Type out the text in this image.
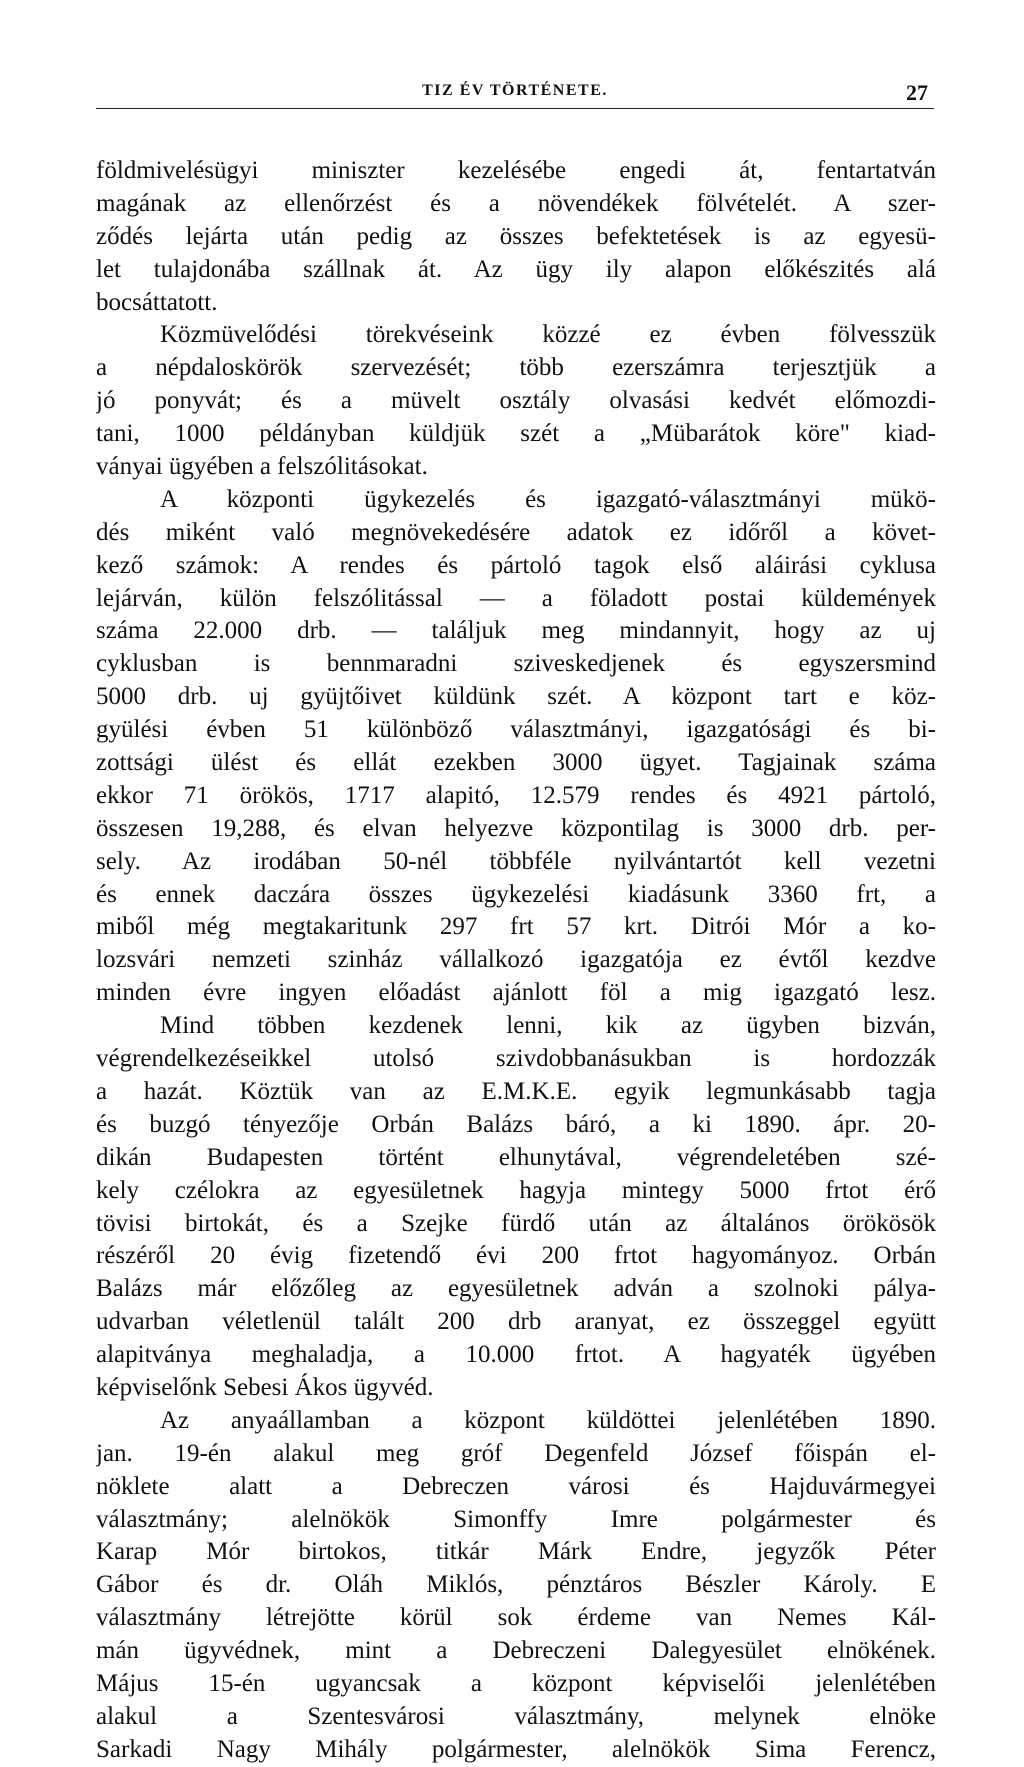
TIZ ÉV TÖRTÉNETE.	27
földmivelésügyi miniszter kezelésébe engedi át, fentartatván
magának az ellenőrzést és a növendékek fölvételét. A szer-
ződés lejárta után pedig az összes befektetések is az egyesü-
let tulajdonába szállnak át. Az ügy ily alapon előkészités alá
bocsáttatott.
Közmüvelődési törekvéseink közzé ez évben fölvesszük
a népdaloskörök szervezését; több ezerszámra terjesztjük a
jó ponyvát; és a müvelt osztály olvasási kedvét előmozdi-
tani, 1000 példányban küldjük szét a „Mübarátok köre" kiad-
ványai ügyében a felszólitásokat.
A központi ügykezelés és igazgató-választmányi mükö-
dés miként való megnövekedésére adatok ez időről a követ-
kező számok: A rendes és pártoló tagok első aláirási cyklusa
lejárván, külön felszólitással — a föladott postai küldemények
száma 22.000 drb. — találjuk meg mindannyit, hogy az uj
cyklusban is bennmaradni sziveskedjenek és egyszersmind
5000 drb. uj gyüjtőivet küldünk szét. A központ tart e köz-
gyülési évben 51 különböző választmányi, igazgatósági és bi-
zottsági ülést és ellát ezekben 3000 ügyet. Tagjainak száma
ekkor 71 örökös, 1717 alapitó, 12.579 rendes és 4921 pártoló,
összesen 19,288, és elvan helyezve központilag is 3000 drb. per-
sely. Az irodában 50-nél többféle nyilvántartót kell vezetni
és ennek daczára összes ügykezelési kiadásunk 3360 frt, a
miből még megtakaritunk 297 frt 57 krt. Ditrói Mór a ko-
lozsvári nemzeti szinház vállalkozó igazgatója ez évtől kezdve
minden évre ingyen előadást ajánlott föl a mig igazgató lesz.
Mind többen kezdenek lenni, kik az ügyben bizván,
végrendelkezéseikkel utolsó szivdobbanásukban is hordozzák
a hazát. Köztük van az E.M.K.E. egyik legmunkásabb tagja
és buzgó tényezője Orbán Balázs báró, a ki 1890. ápr. 20-
dikán Budapesten történt elhunytával, végrendeletében szé-
kely czélokra az egyesületnek hagyja mintegy 5000 frtot érő
tövisi birtokát, és a Szejke fürdő után az általános örökösök
részéről 20 évig fizetendő évi 200 frtot hagyományoz. Orbán
Balázs már előzőleg az egyesületnek adván a szolnoki pálya-
udvarban véletlenül talált 200 drb aranyat, ez összeggel együtt
alapitványa meghaladja, a 10.000 frtot. A hagyaték ügyében
képviselőnk Sebesi Ákos ügyvéd.
Az anyaállamban a központ küldöttei jelenlétében 1890.
jan. 19-én alakul meg gróf Degenfeld József főispán el-
nöklete alatt a Debreczen városi és Hajduvármegyei
választmány; alelnökök Simonffy Imre polgármester és
Karap Mór birtokos, titkár Márk Endre, jegyzők Péter
Gábor és dr. Oláh Miklós, pénztáros Bészler Károly. E
választmány létrejötte körül sok érdeme van Nemes Kál-
mán ügyvédnek, mint a Debreczeni Dalegyesület elnökének.
Május 15-én ugyancsak a központ képviselői jelenlétében
alakul a Szentesvárosi választmány, melynek elnöke
Sarkadi Nagy Mihály polgármester, alelnökök Sima Ferencz,
